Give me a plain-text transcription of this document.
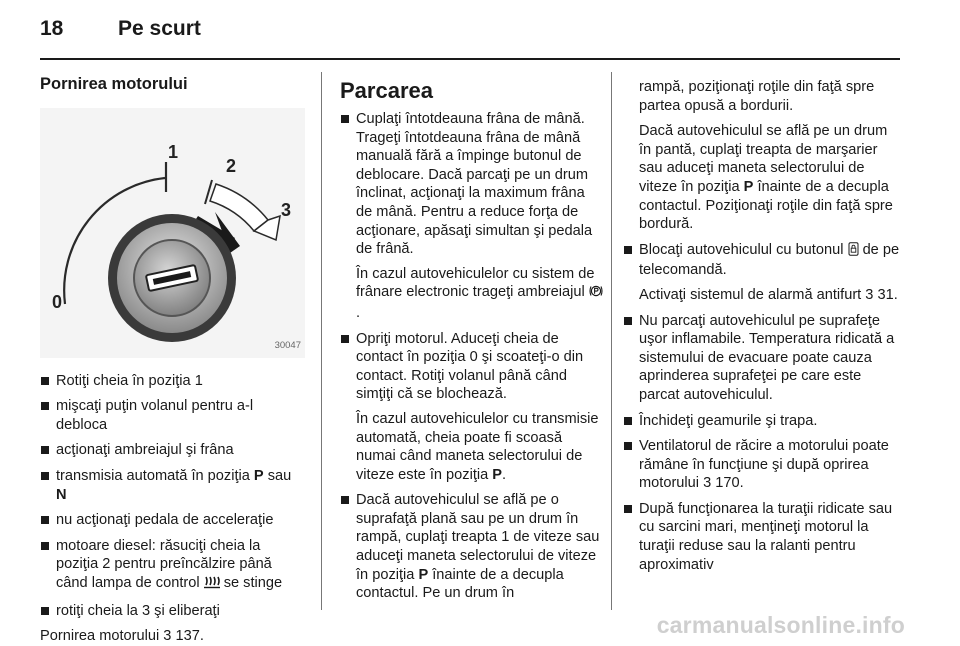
18	Pe scurt
Pornirea motorului
0
1
2
3
30047
Rotiţi cheia în poziţia 1
mişcaţi puţin volanul pentru a-l debloca
acţionaţi ambreiajul şi frâna
transmisia automată în poziţia P sau N
nu acţionaţi pedala de acceleraţie
motoare diesel: răsuciţi cheia la poziţia 2 pentru preîncălzire până când lampa de control  se stinge
rotiţi cheia la 3 şi eliberaţi

Pornirea motorului 3 137.

Parcarea
Cuplaţi întotdeauna frâna de mână. Trageţi întotdeauna frâna de mână manuală fără a împinge butonul de deblocare. Dacă parcaţi pe un drum înclinat, acţionaţi la maximum frâna de mână. Pentru a reduce forţa de acţionare, apăsaţi simultan şi pedala de frână.

În cazul autovehiculelor cu sistem de frânare electronic trageţi ambreiajul .

Opriţi motorul. Aduceţi cheia de contact în poziţia 0 şi scoateţi-o din contact. Rotiţi volanul până când simţiţi că se blochează.

În cazul autovehiculelor cu transmisie automată, cheia poate fi scoasă numai când maneta selectorului de viteze este în poziţia P.

Dacă autovehiculul se află pe o suprafaţă plană sau pe un drum în rampă, cuplaţi treapta 1 de viteze sau aduceţi maneta selectorului de viteze în poziţia P înainte de a decupla contactul. Pe un drum în

rampă, poziţionaţi roţile din faţă spre partea opusă a bordurii.

Dacă autovehiculul se află pe un drum în pantă, cuplaţi treapta de marşarier sau aduceţi maneta selectorului de viteze în poziţia P înainte de a decupla contactul. Poziţionaţi roţile din faţă spre bordură.

Blocaţi autovehiculul cu butonul  de pe telecomandă.

Activaţi sistemul de alarmă antifurt 3 31.

Nu parcaţi autovehiculul pe suprafeţe uşor inflamabile. Temperatura ridicată a sistemului de evacuare poate cauza aprinderea suprafeţei pe care este parcat autovehiculul.
Închideţi geamurile şi trapa.
Ventilatorul de răcire a motorului poate rămâne în funcţiune şi după oprirea motorului 3 170.
După funcţionarea la turaţii ridicate sau cu sarcini mari, menţineţi motorul la turaţii reduse sau la ralanti pentru aproximativ
carmanualsonline.info
